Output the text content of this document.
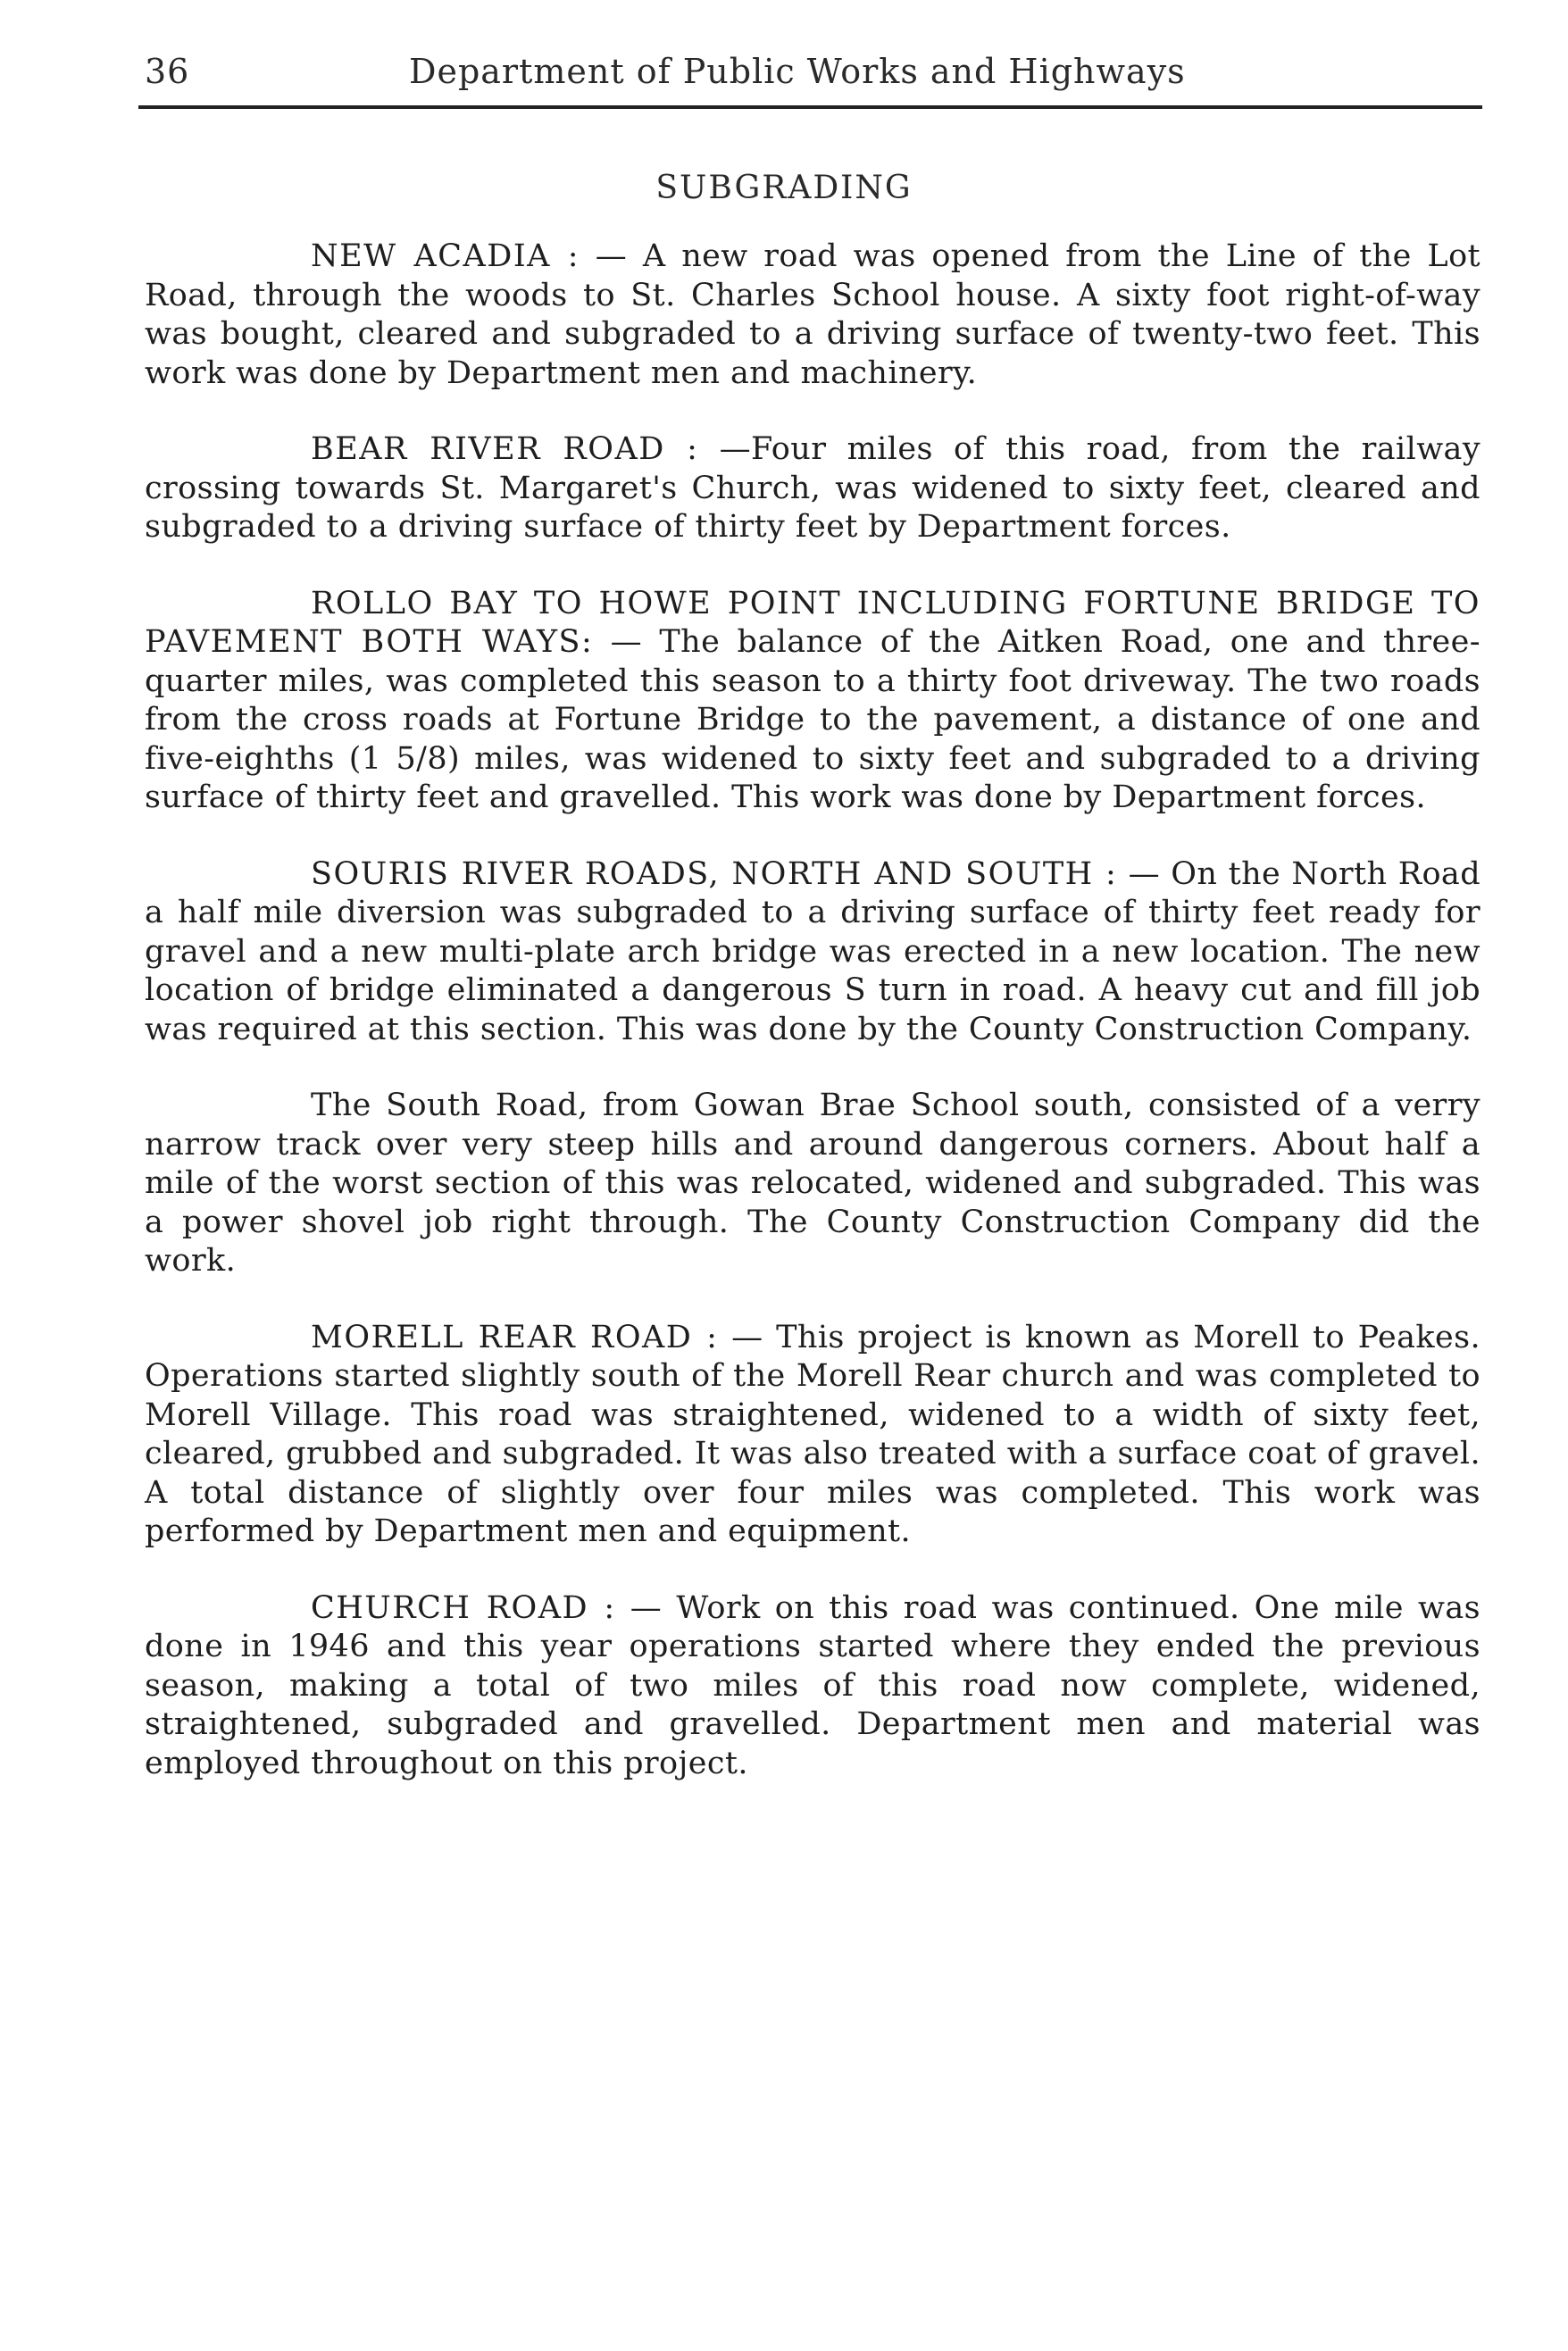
36	Department of Public Works and Highways
SUBGRADING

NEW ACADIA : — A new road was opened from the Line of the Lot Road, through the woods to St. Charles School house. A sixty foot right-of-way was bought, cleared and subgraded to a driving surface of twenty-two feet. This work was done by Department men and machinery.

BEAR RIVER ROAD : —Four miles of this road, from the railway crossing towards St. Margaret's Church, was widened to sixty feet, cleared and subgraded to a driving surface of thirty feet by Department forces.

ROLLO BAY TO HOWE POINT INCLUDING FORTUNE BRIDGE TO PAVEMENT BOTH WAYS: — The balance of the Aitken Road, one and three-quarter miles, was completed this season to a thirty foot driveway. The two roads from the cross roads at Fortune Bridge to the pavement, a distance of one and five-eighths (1 5/8) miles, was widened to sixty feet and subgraded to a driving surface of thirty feet and gravelled. This work was done by Department forces.

SOURIS RIVER ROADS, NORTH AND SOUTH : — On the North Road a half mile diversion was subgraded to a driving surface of thirty feet ready for gravel and a new multi-plate arch bridge was erected in a new location. The new location of bridge eliminated a dangerous S turn in road. A heavy cut and fill job was required at this section. This was done by the County Construction Company.

The South Road, from Gowan Brae School south, consisted of a verry narrow track over very steep hills and around dangerous corners. About half a mile of the worst section of this was relocated, widened and subgraded. This was a power shovel job right through. The County Construction Company did the work.

MORELL REAR ROAD : — This project is known as Morell to Peakes. Operations started slightly south of the Morell Rear church and was completed to Morell Village. This road was straightened, widened to a width of sixty feet, cleared, grubbed and subgraded. It was also treated with a surface coat of gravel. A total distance of slightly over four miles was completed. This work was performed by Department men and equipment.

CHURCH ROAD : — Work on this road was continued. One mile was done in 1946 and this year operations started where they ended the previous season, making a total of two miles of this road now complete, widened, straightened, subgraded and gravelled. Department men and material was employed throughout on this project.
